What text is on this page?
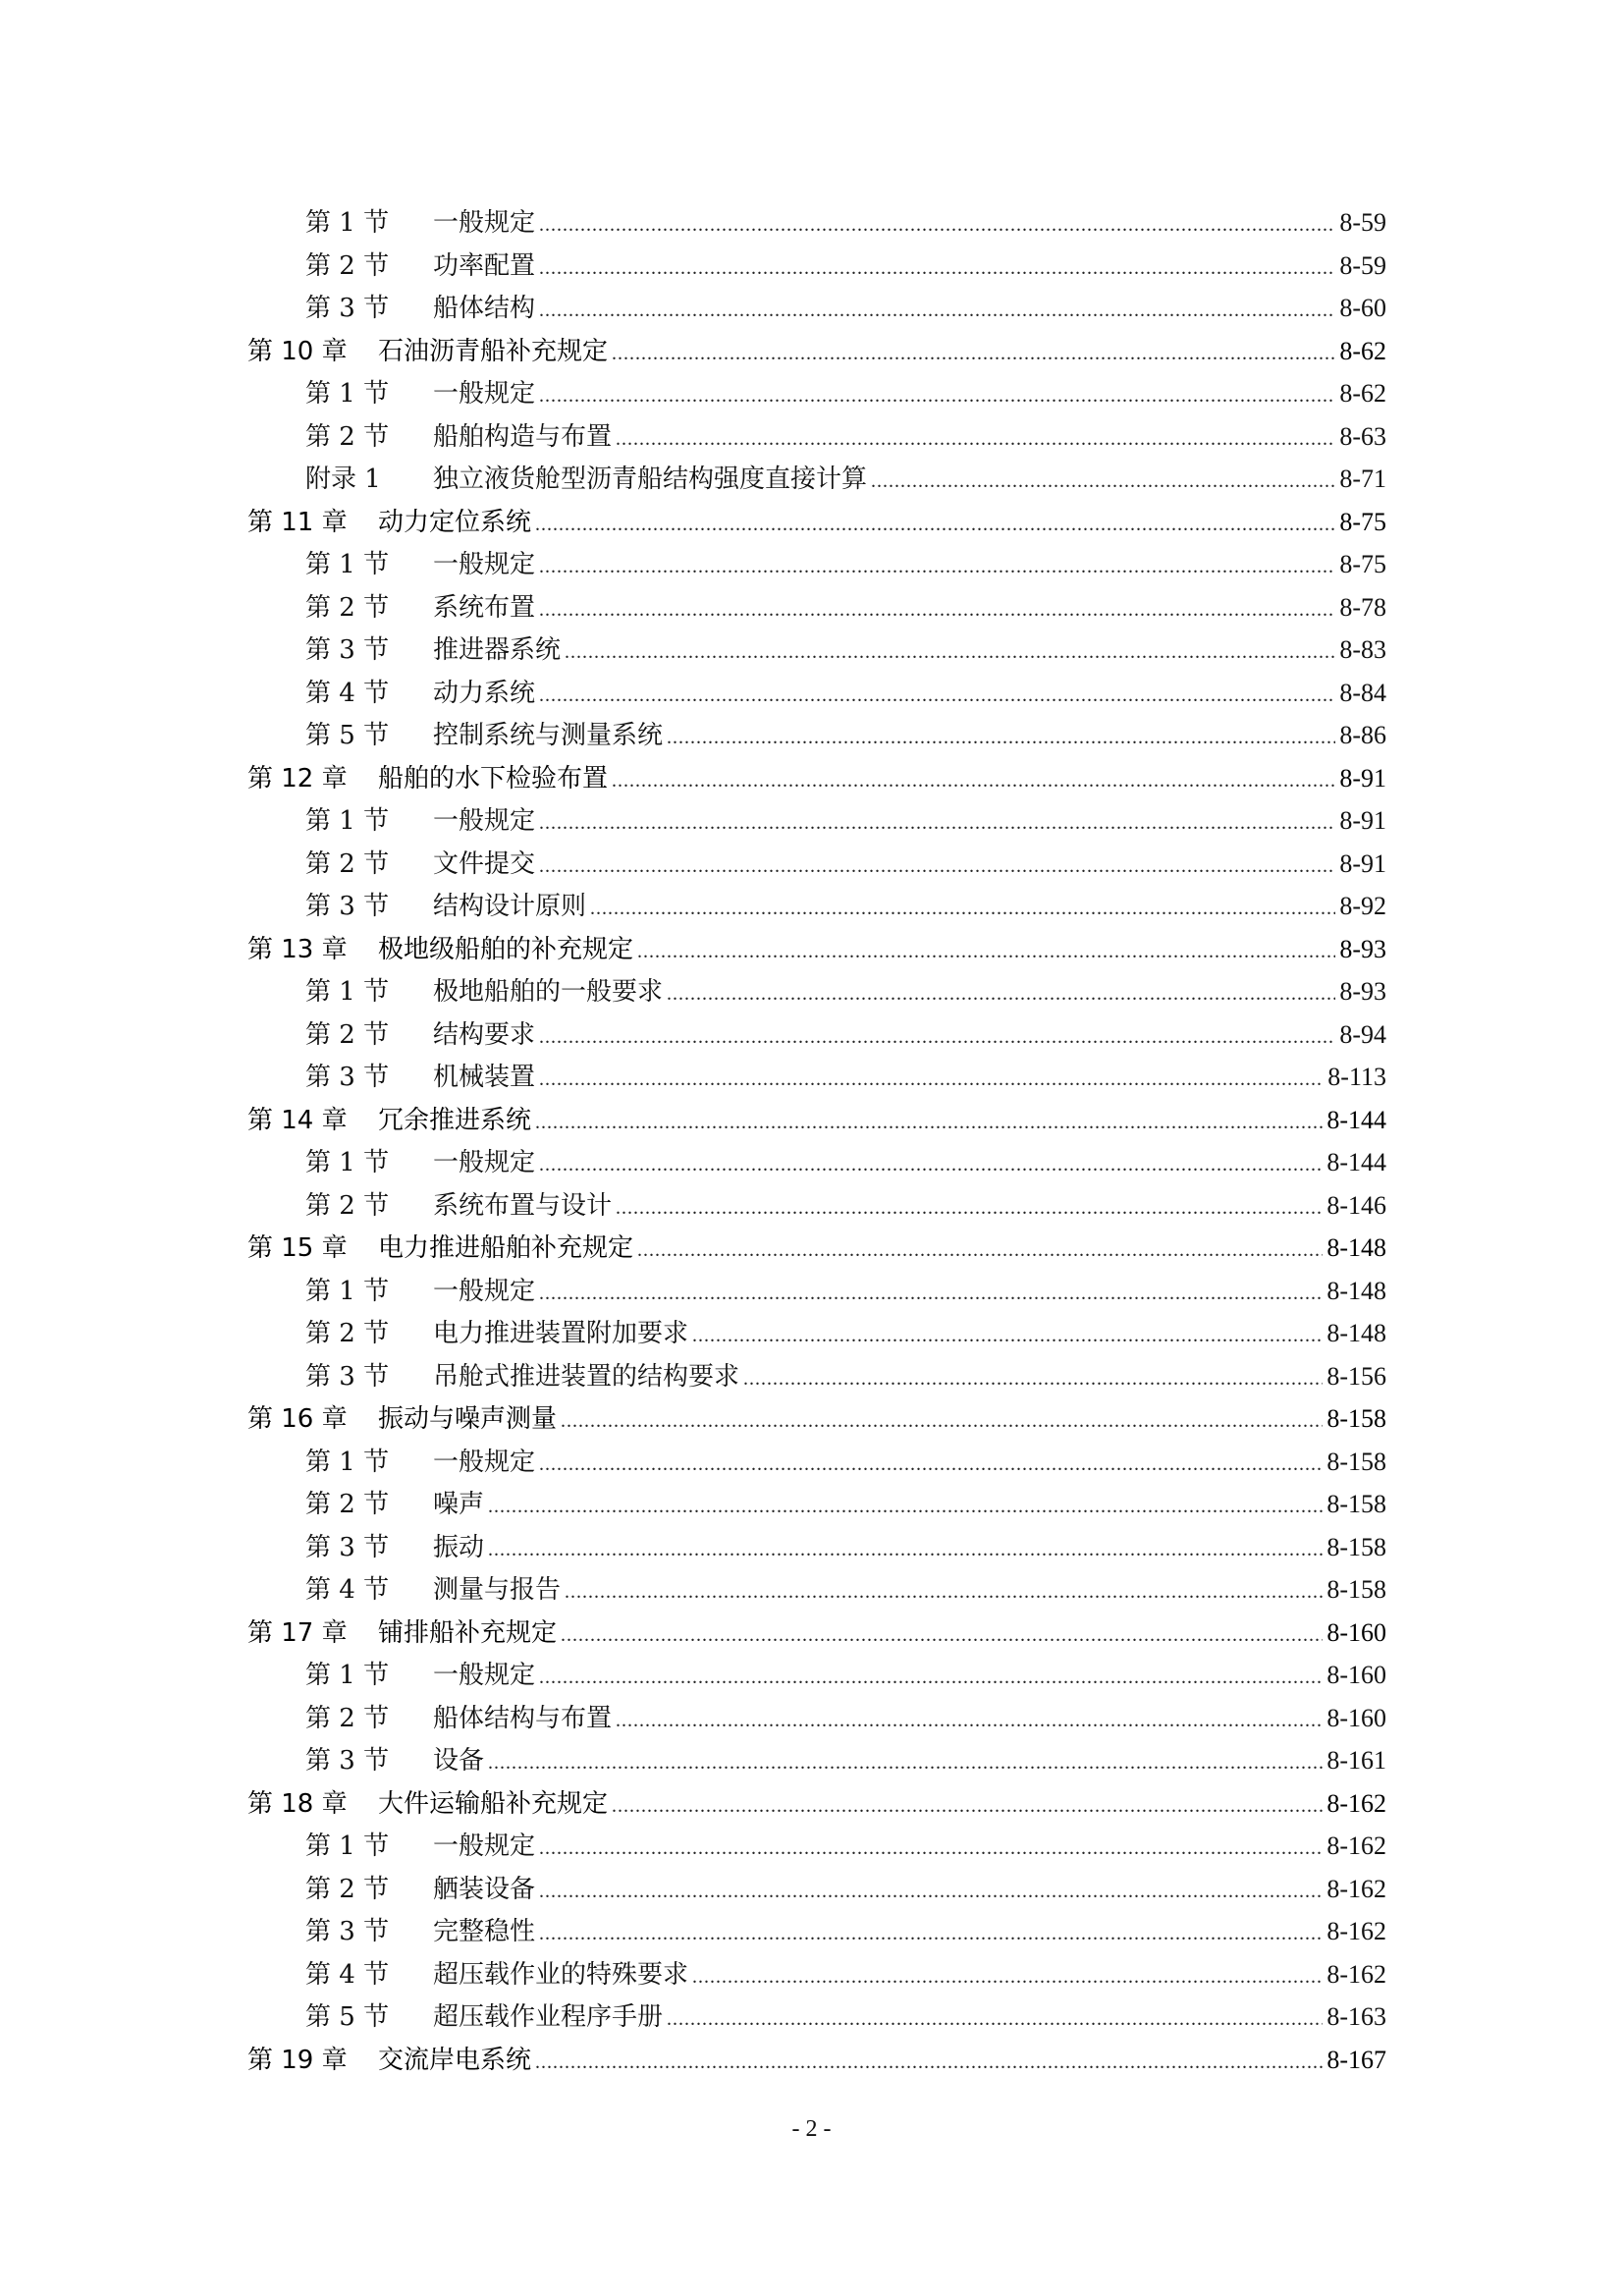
第 1 节	一般规定 .....	8-59
第 2 节	功率配置 .....	8-59
第 3 节	船体结构 .....	8-60
第 10 章	石油沥青船补充规定 .....	8-62
第 1 节	一般规定 .....	8-62
第 2 节	船舶构造与布置 .....	8-63
附录 1	独立液货舱型沥青船结构强度直接计算 .....	8-71
第 11 章	动力定位系统 .....	8-75
第 1 节	一般规定 .....	8-75
第 2 节	系统布置 .....	8-78
第 3 节	推进器系统 .....	8-83
第 4 节	动力系统 .....	8-84
第 5 节	控制系统与测量系统 .....	8-86
第 12 章	船舶的水下检验布置 .....	8-91
第 1 节	一般规定 .....	8-91
第 2 节	文件提交 .....	8-91
第 3 节	结构设计原则 .....	8-92
第 13 章	极地级船舶的补充规定 .....	8-93
第 1 节	极地船舶的一般要求 .....	8-93
第 2 节	结构要求 .....	8-94
第 3 节	机械装置 .....	8-113
第 14 章	冗余推进系统 .....	8-144
第 1 节	一般规定 .....	8-144
第 2 节	系统布置与设计 .....	8-146
第 15 章	电力推进船舶补充规定 .....	8-148
第 1 节	一般规定 .....	8-148
第 2 节	电力推进装置附加要求 .....	8-148
第 3 节	吊舱式推进装置的结构要求 .....	8-156
第 16 章	振动与噪声测量 .....	8-158
第 1 节	一般规定 .....	8-158
第 2 节	噪声 .....	8-158
第 3 节	振动 .....	8-158
第 4 节	测量与报告 .....	8-158
第 17 章	铺排船补充规定 .....	8-160
第 1 节	一般规定 .....	8-160
第 2 节	船体结构与布置 .....	8-160
第 3 节	设备 .....	8-161
第 18 章	大件运输船补充规定 .....	8-162
第 1 节	一般规定 .....	8-162
第 2 节	舾装设备 .....	8-162
第 3 节	完整稳性 .....	8-162
第 4 节	超压载作业的特殊要求 .....	8-162
第 5 节	超压载作业程序手册 .....	8-163
第 19 章	交流岸电系统 .....	8-167
- 2 -
